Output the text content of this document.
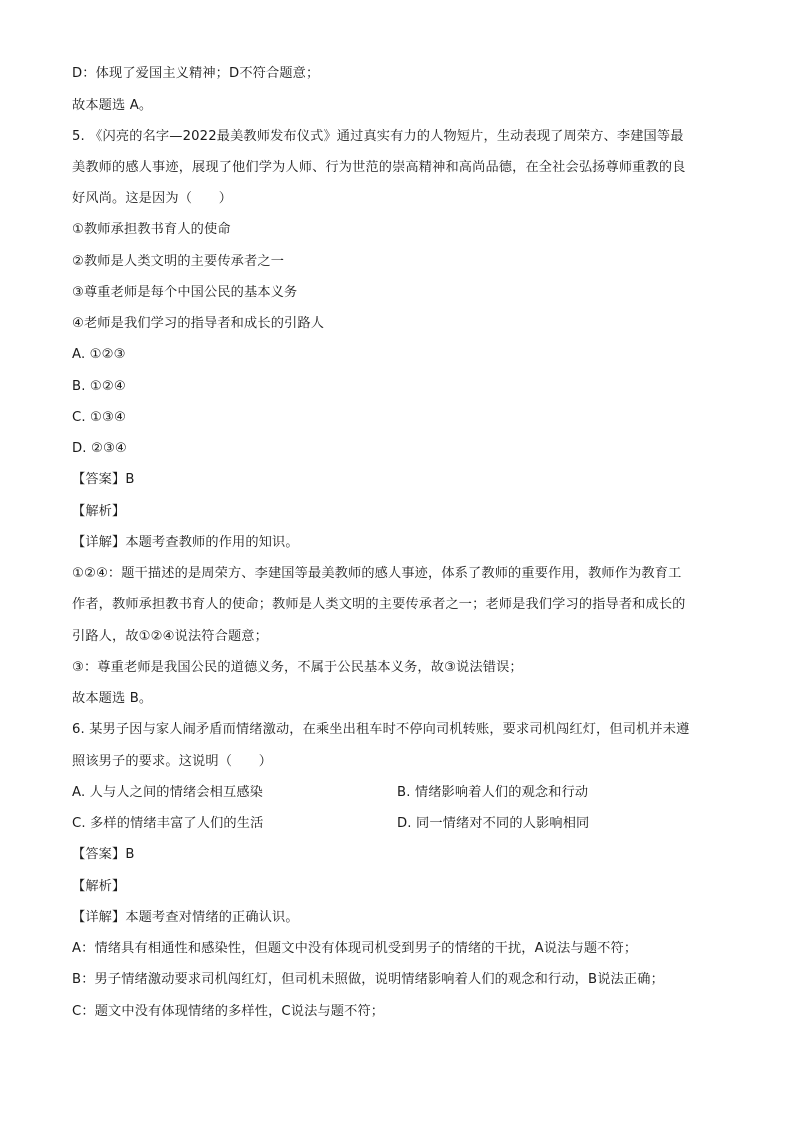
D：体现了爱国主义精神；D不符合题意；
故本题选 A。
5. 《闪亮的名字—2022最美教师发布仪式》通过真实有力的人物短片，生动表现了周荣方、李建国等最
美教师的感人事迹，展现了他们学为人师、行为世范的崇高精神和高尚品德，在全社会弘扬尊师重教的良
好风尚。这是因为（　　）
①教师承担教书育人的使命
②教师是人类文明的主要传承者之一
③尊重老师是每个中国公民的基本义务
④老师是我们学习的指导者和成长的引路人
A. ①②③
B. ①②④
C. ①③④
D. ②③④
【答案】B
【解析】
【详解】本题考查教师的作用的知识。
①②④：题干描述的是周荣方、李建国等最美教师的感人事迹，体系了教师的重要作用，教师作为教育工
作者，教师承担教书育人的使命；教师是人类文明的主要传承者之一；老师是我们学习的指导者和成长的
引路人，故①②④说法符合题意；
③：尊重老师是我国公民的道德义务，不属于公民基本义务，故③说法错误；
故本题选 B。
6. 某男子因与家人闹矛盾而情绪激动，在乘坐出租车时不停向司机转账，要求司机闯红灯，但司机并未遵
照该男子的要求。这说明（　　）
A. 人与人之间的情绪会相互感染	B. 情绪影响着人们的观念和行动
C. 多样的情绪丰富了人们的生活	D. 同一情绪对不同的人影响相同
【答案】B
【解析】
【详解】本题考查对情绪的正确认识。
A：情绪具有相通性和感染性，但题文中没有体现司机受到男子的情绪的干扰，A说法与题不符；
B：男子情绪激动要求司机闯红灯，但司机未照做，说明情绪影响着人们的观念和行动，B说法正确；
C：题文中没有体现情绪的多样性，C说法与题不符；
